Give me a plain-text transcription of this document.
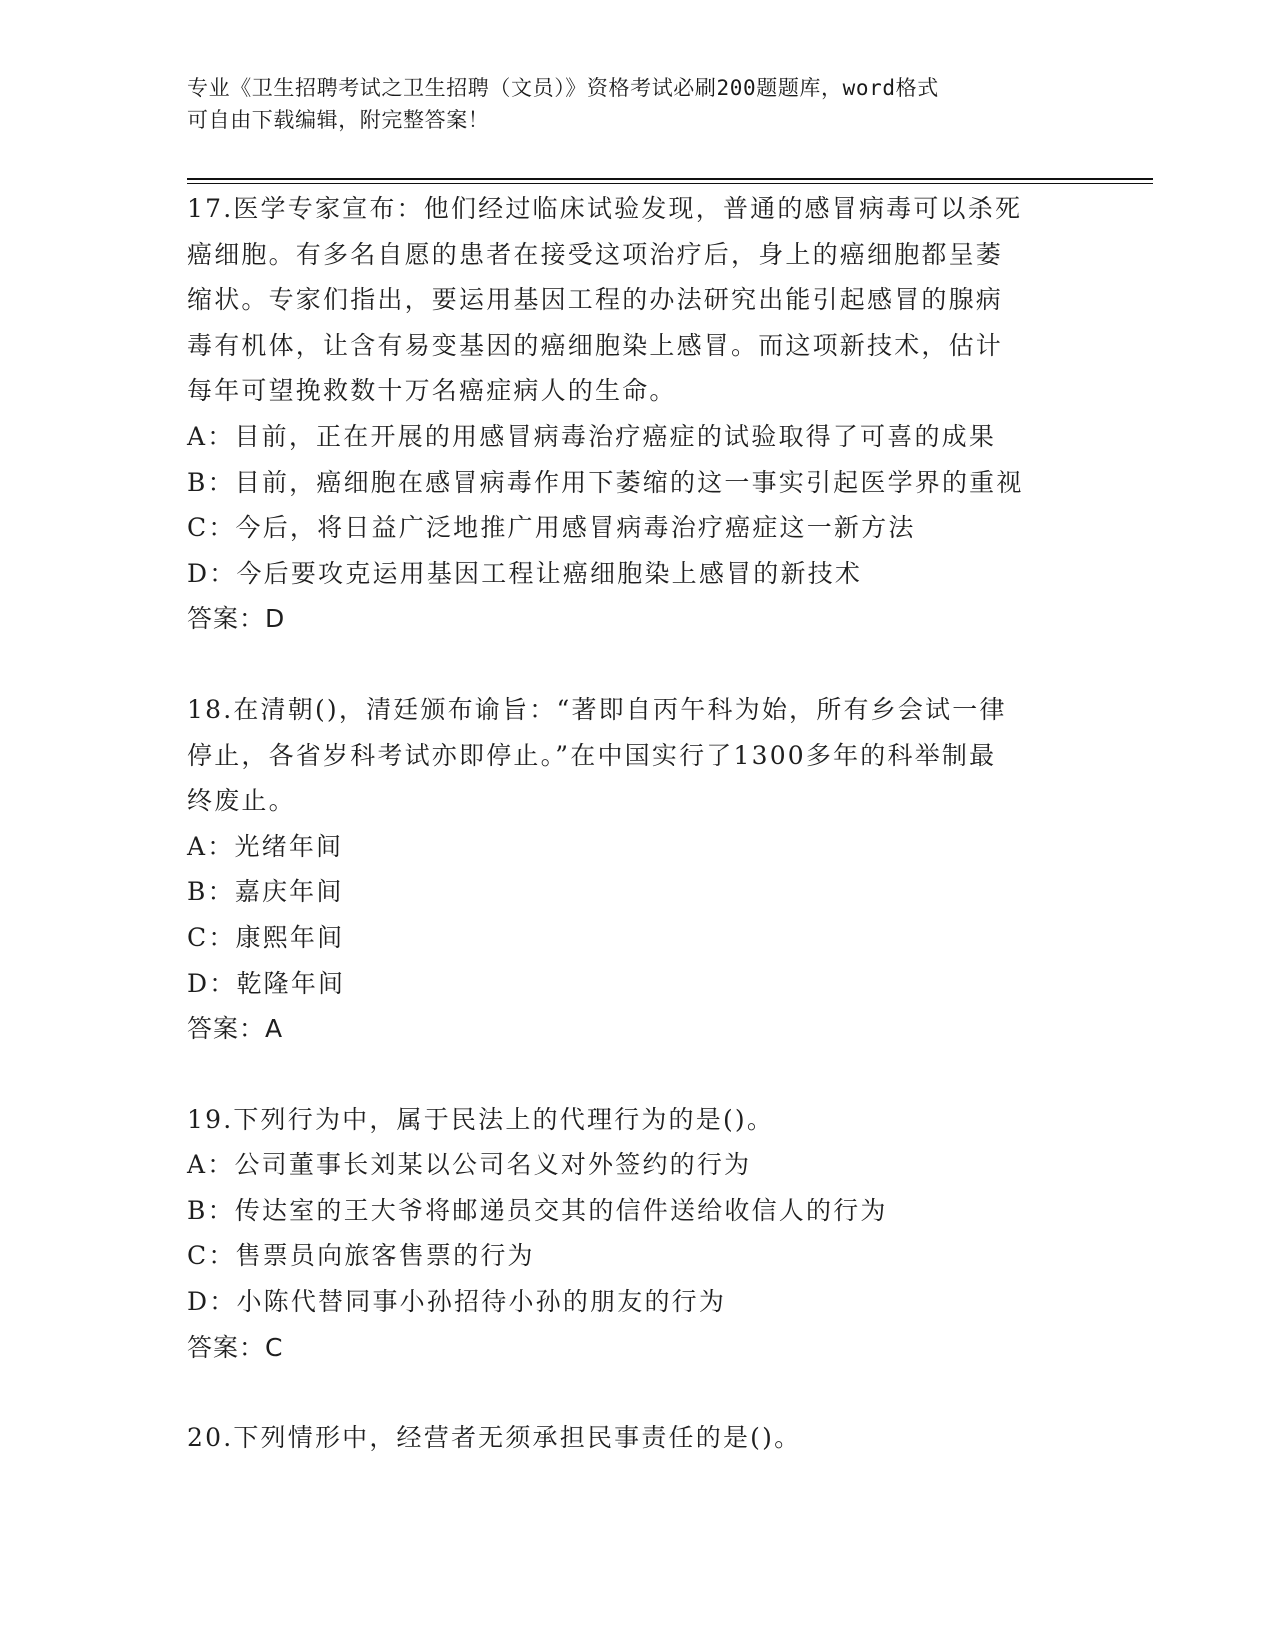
专业《卫生招聘考试之卫生招聘（文员）》资格考试必刷200题题库，word格式
可自由下载编辑，附完整答案！
17.医学专家宣布：他们经过临床试验发现，普通的感冒病毒可以杀死
癌细胞。有多名自愿的患者在接受这项治疗后，身上的癌细胞都呈萎
缩状。专家们指出，要运用基因工程的办法研究出能引起感冒的腺病
毒有机体，让含有易变基因的癌细胞染上感冒。而这项新技术，估计
每年可望挽救数十万名癌症病人的生命。
A：目前，正在开展的用感冒病毒治疗癌症的试验取得了可喜的成果
B：目前，癌细胞在感冒病毒作用下萎缩的这一事实引起医学界的重视
C：今后，将日益广泛地推广用感冒病毒治疗癌症这一新方法
D：今后要攻克运用基因工程让癌细胞染上感冒的新技术
答案：D
18.在清朝()，清廷颁布谕旨：“著即自丙午科为始，所有乡会试一律
停止，各省岁科考试亦即停止。”在中国实行了1300多年的科举制最
终废止。
A：光绪年间
B：嘉庆年间
C：康熙年间
D：乾隆年间
答案：A
19.下列行为中，属于民法上的代理行为的是()。
A：公司董事长刘某以公司名义对外签约的行为
B：传达室的王大爷将邮递员交其的信件送给收信人的行为
C：售票员向旅客售票的行为
D：小陈代替同事小孙招待小孙的朋友的行为
答案：C
20.下列情形中，经营者无须承担民事责任的是()。
